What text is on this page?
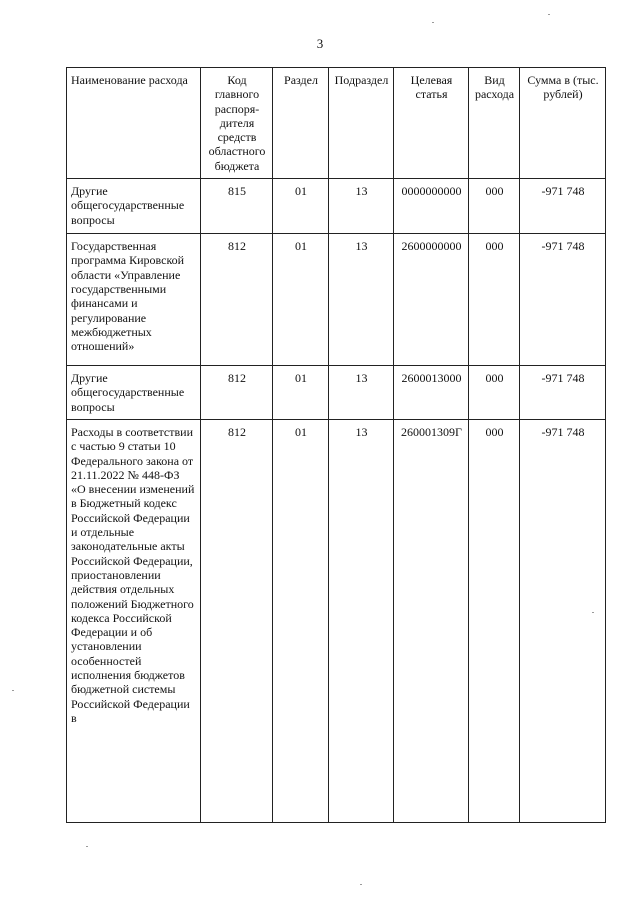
3
Наименование расхода	Код главного распоря-дителя средств областного бюджета	Раздел	Подраздел	Целевая статья	Вид расхода	Сумма в (тыс. рублей)
Другие общегосударственные вопросы	815	01	13	0000000000	000	-971 748
Государственная программа Кировской области «Управление государственными финансами и регулирование межбюджетных отношений»	812	01	13	2600000000	000	-971 748
Другие общегосударственные вопросы	812	01	13	2600013000	000	-971 748
Расходы в соответствии с частью 9 статьи 10 Федерального закона от 21.11.2022 № 448-ФЗ «О внесении изменений в Бюджетный кодекс Российской Федерации и отдельные законодательные акты Российской Федерации, приостановлении действия отдельных положений Бюджетного кодекса Российской Федерации и об установлении особенностей исполнения бюджетов бюджетной системы Российской Федерации в	812	01	13	260001309Г	000	-971 748
